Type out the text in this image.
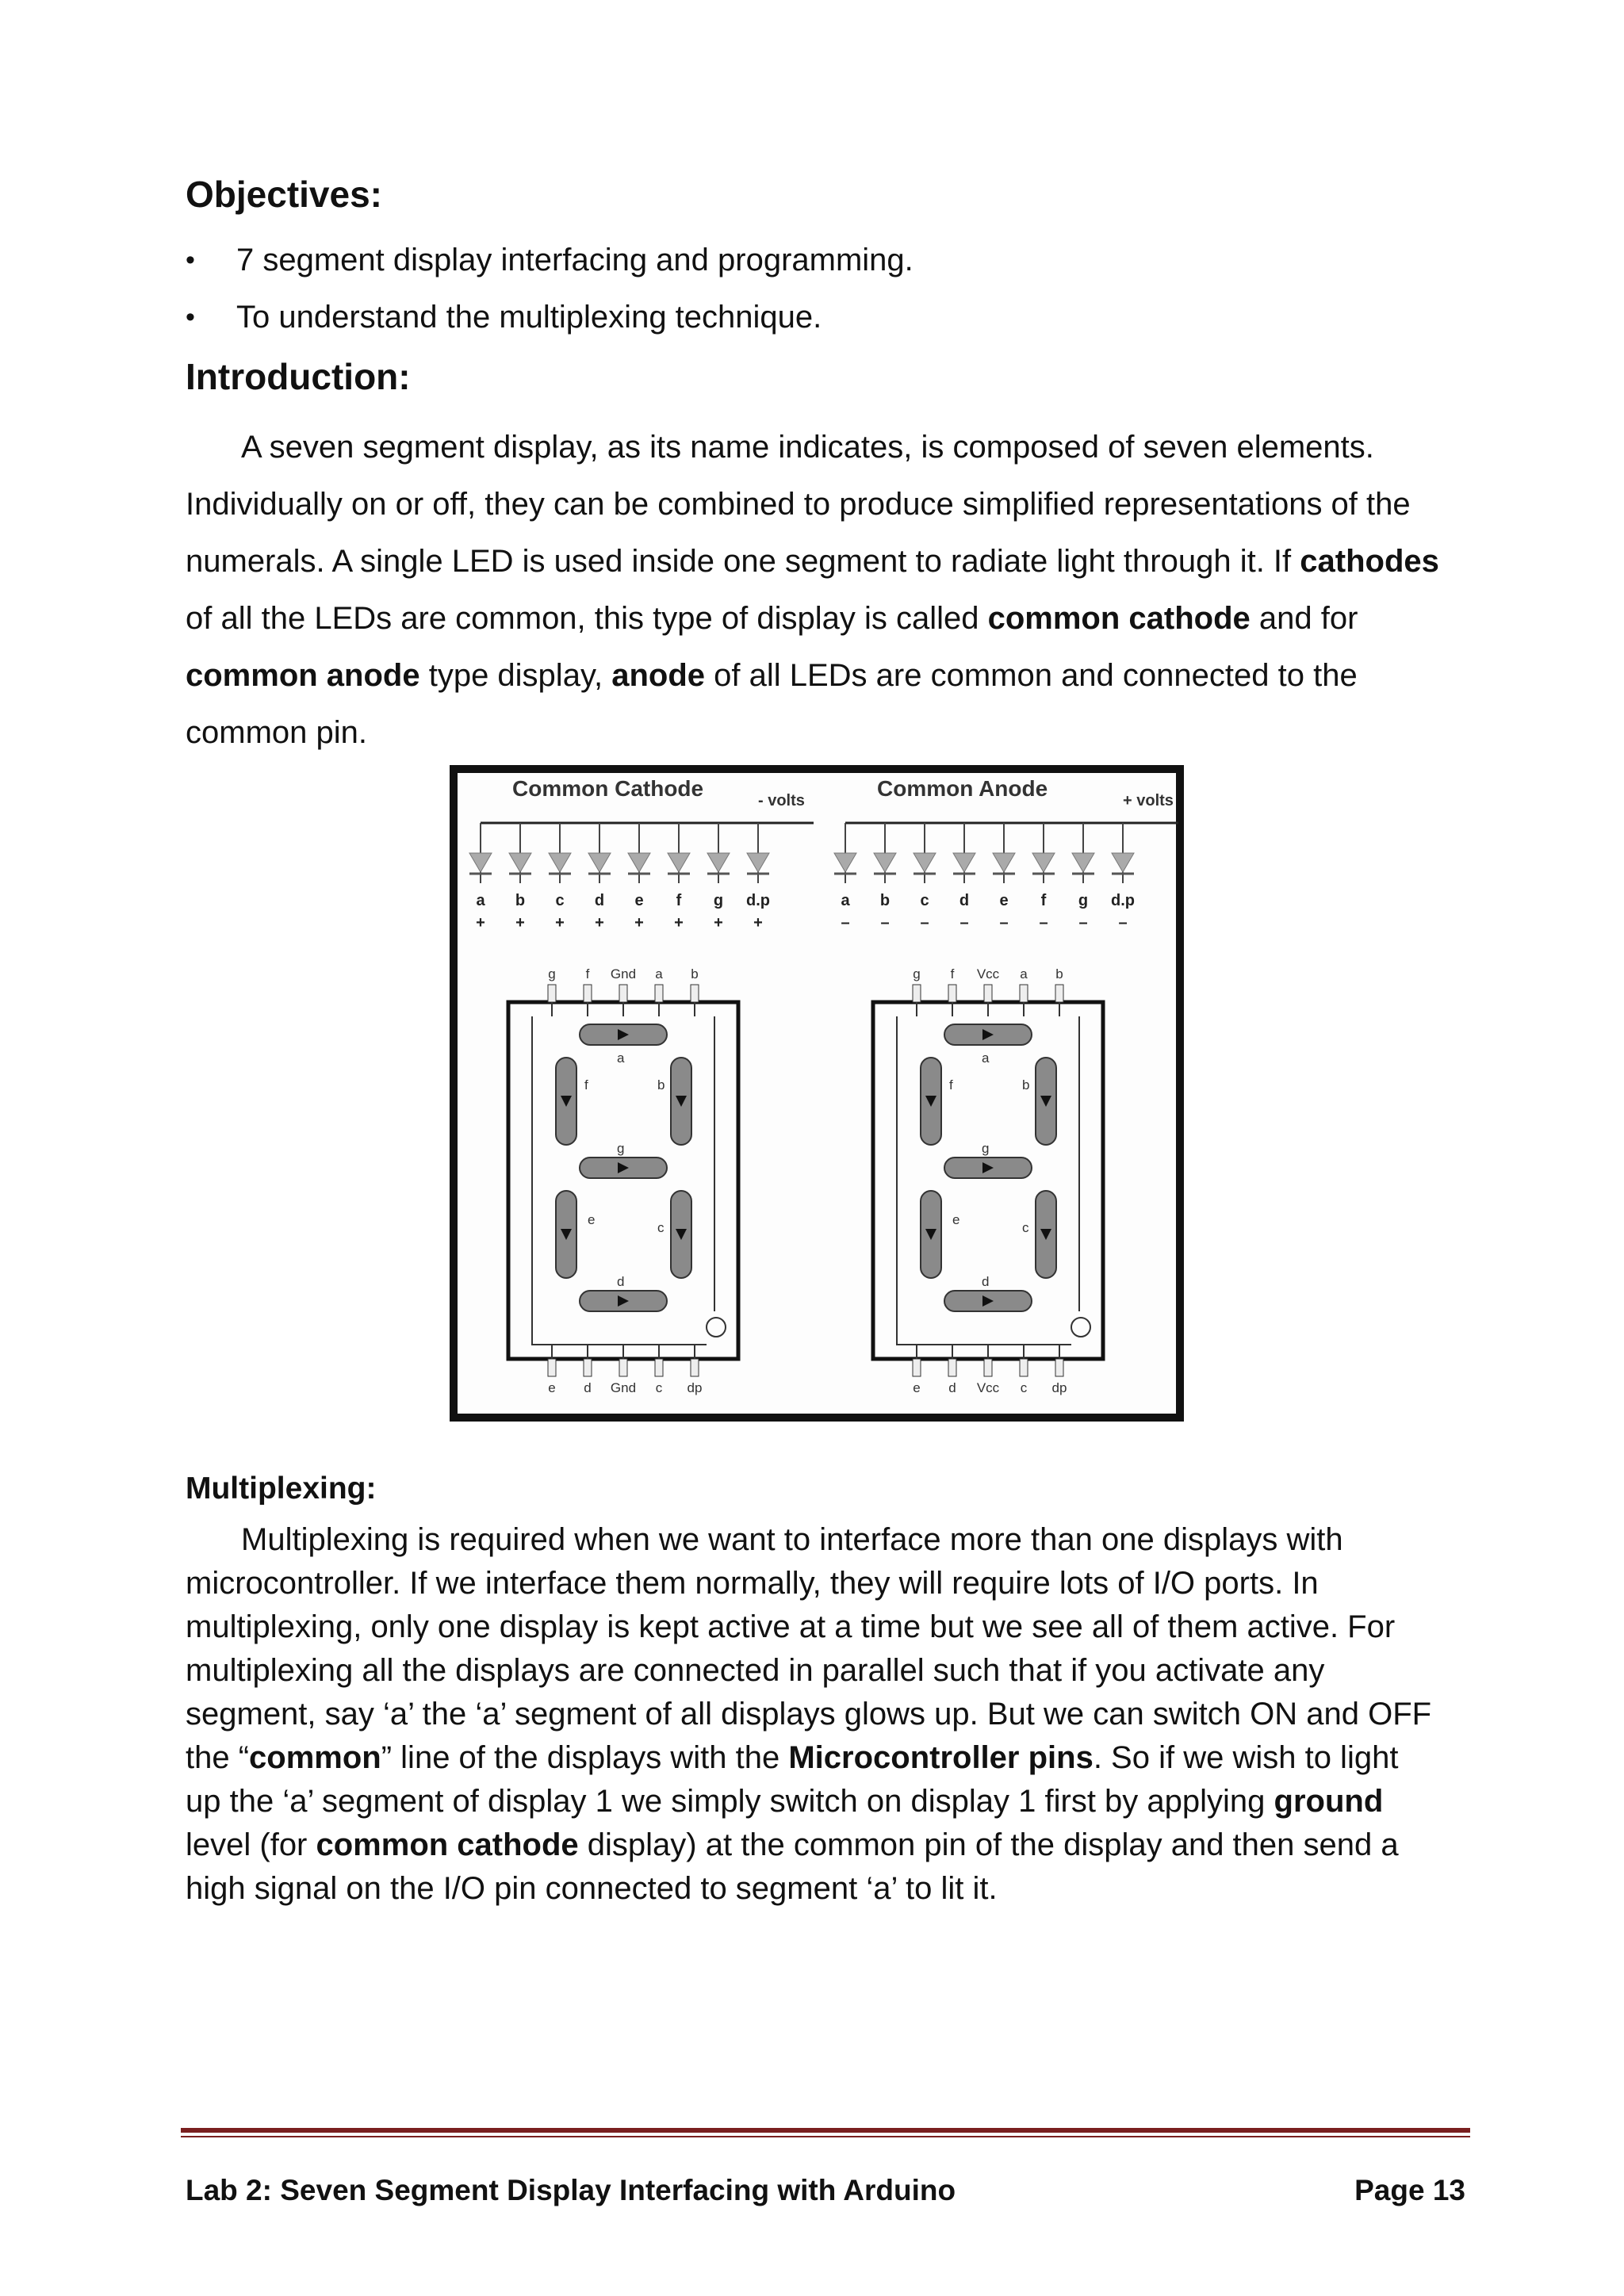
Objectives:
•	7 segment display interfacing and programming.
•	To understand the multiplexing technique.
Introduction:
A seven segment display, as its name indicates, is composed of seven elements.
Individually on or off, they can be combined to produce simplified representations of the
numerals. A single LED is used inside one segment to radiate light through it. If cathodes
of all the LEDs are common, this type of display is called common cathode and for
common anode type display, anode of all LEDs are common and connected to the
common pin.
Common Cathode	- volts
a
+
b
+
c
+
d
+
e
+
f
+
g
+
d.p
+
g
e
f
d
Gnd
Gnd
a
c
b
dp
a
b
c
d
e
f
g
Common Anode	+ volts
a
–
b
–
c
–
d
–
e
–
f
–
g
–
d.p
–
g
e
f
d
Vcc
Vcc
a
c
b
dp
a
b
c
d
e
f
g
Multiplexing:
Multiplexing is required when we want to interface more than one displays with
microcontroller. If we interface them normally, they will require lots of I/O ports. In
multiplexing, only one display is kept active at a time but we see all of them active. For
multiplexing all the displays are connected in parallel such that if you activate any
segment, say ‘a’ the ‘a’ segment of all displays glows up. But we can switch ON and OFF
the “common” line of the displays with the Microcontroller pins. So if we wish to light
up the ‘a’ segment of display 1 we simply switch on display 1 first by applying ground
level (for common cathode display) at the common pin of the display and then send a
high signal on the I/O pin connected to segment ‘a’ to lit it.
Lab 2: Seven Segment Display Interfacing with Arduino	Page 13
